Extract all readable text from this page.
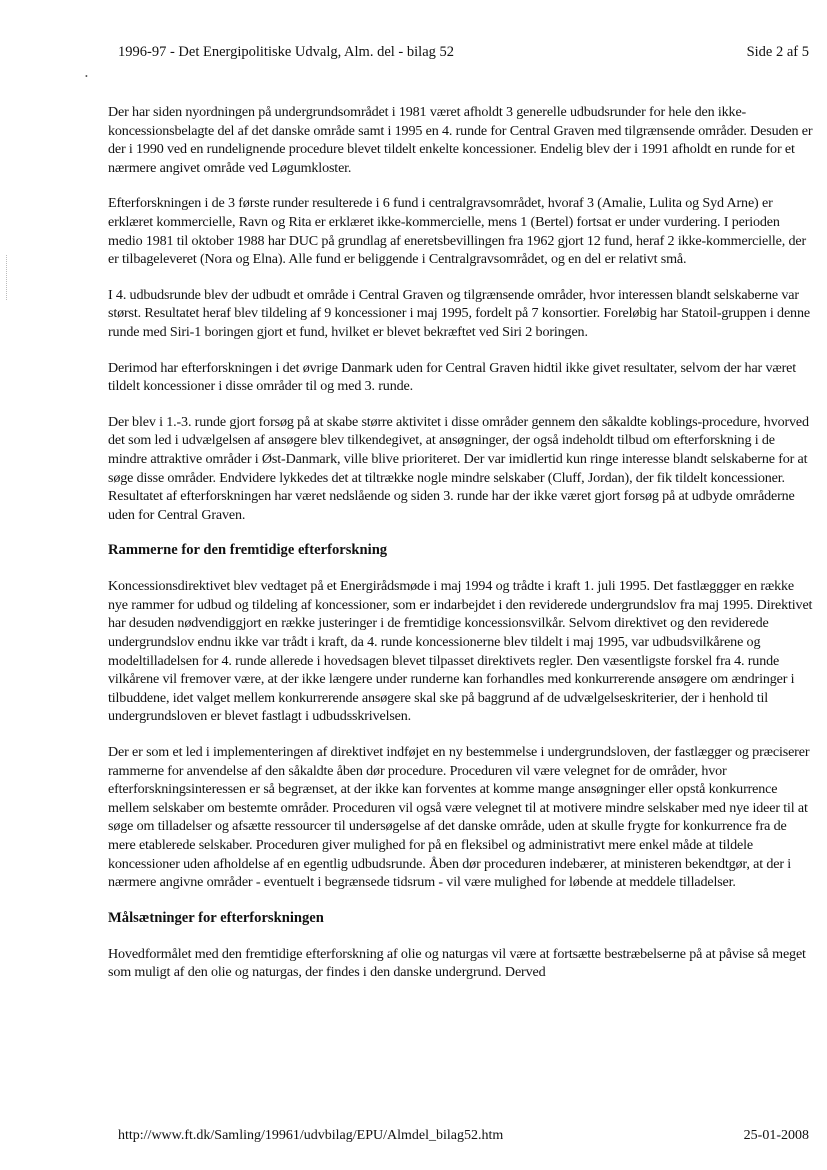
1996-97 - Det Energipolitiske Udvalg, Alm. del - bilag 52	Side 2 af 5
•

Der har siden nyordningen på undergrundsområdet i 1981 været afholdt 3 generelle udbudsrunder for hele den ikke-koncessionsbelagte del af det danske område samt i 1995 en 4. runde for Central Graven med tilgrænsende områder. Desuden er der i 1990 ved en rundelignende procedure blevet tildelt enkelte koncessioner. Endelig blev der i 1991 afholdt en runde for et nærmere angivet område ved Løgumkloster.

Efterforskningen i de 3 første runder resulterede i 6 fund i centralgravsområdet, hvoraf 3 (Amalie, Lulita og Syd Arne) er erklæret kommercielle, Ravn og Rita er erklæret ikke-kommercielle, mens 1 (Bertel) fortsat er under vurdering. I perioden medio 1981 til oktober 1988 har DUC på grundlag af eneretsbevillingen fra 1962 gjort 12 fund, heraf 2 ikke-kommercielle, der er tilbageleveret (Nora og Elna). Alle fund er beliggende i Centralgravsområdet, og en del er relativt små.

I 4. udbudsrunde blev der udbudt et område i Central Graven og tilgrænsende områder, hvor interessen blandt selskaberne var størst. Resultatet heraf blev tildeling af 9 koncessioner i maj 1995, fordelt på 7 konsortier. Foreløbig har Statoil-gruppen i denne runde med Siri-1 boringen gjort et fund, hvilket er blevet bekræftet ved Siri 2 boringen.

Derimod har efterforskningen i det øvrige Danmark uden for Central Graven hidtil ikke givet resultater, selvom der har været tildelt koncessioner i disse områder til og med 3. runde.

Der blev i 1.-3. runde gjort forsøg på at skabe større aktivitet i disse områder gennem den såkaldte koblings-procedure, hvorved det som led i udvælgelsen af ansøgere blev tilkendegivet, at ansøgninger, der også indeholdt tilbud om efterforskning i de mindre attraktive områder i Øst-Danmark, ville blive prioriteret. Der var imidlertid kun ringe interesse blandt selskaberne for at søge disse områder. Endvidere lykkedes det at tiltrække nogle mindre selskaber (Cluff, Jordan), der fik tildelt koncessioner. Resultatet af efterforskningen har været nedslående og siden 3. runde har der ikke været gjort forsøg på at udbyde områderne uden for Central Graven.

Rammerne for den fremtidige efterforskning

Koncessionsdirektivet blev vedtaget på et Energirådsmøde i maj 1994 og trådte i kraft 1. juli 1995. Det fastlæggger en række nye rammer for udbud og tildeling af koncessioner, som er indarbejdet i den reviderede undergrundslov fra maj 1995. Direktivet har desuden nødvendiggjort en række justeringer i de fremtidige koncessionsvilkår. Selvom direktivet og den reviderede undergrundslov endnu ikke var trådt i kraft, da 4. runde koncessionerne blev tildelt i maj 1995, var udbudsvilkårene og modeltilladelsen for 4. runde allerede i hovedsagen blevet tilpasset direktivets regler. Den væsentligste forskel fra 4. runde vilkårene vil fremover være, at der ikke længere under runderne kan forhandles med konkurrerende ansøgere om ændringer i tilbuddene, idet valget mellem konkurrerende ansøgere skal ske på baggrund af de udvælgelseskriterier, der i henhold til undergrundsloven er blevet fastlagt i udbudsskrivelsen.

Der er som et led i implementeringen af direktivet indføjet en ny bestemmelse i undergrundsloven, der fastlægger og præciserer rammerne for anvendelse af den såkaldte åben dør procedure. Proceduren vil være velegnet for de områder, hvor efterforskningsinteressen er så begrænset, at der ikke kan forventes at komme mange ansøgninger eller opstå konkurrence mellem selskaber om bestemte områder. Proceduren vil også være velegnet til at motivere mindre selskaber med nye ideer til at søge om tilladelser og afsætte ressourcer til undersøgelse af det danske område, uden at skulle frygte for konkurrence fra de mere etablerede selskaber. Proceduren giver mulighed for på en fleksibel og administrativt mere enkel måde at tildele koncessioner uden afholdelse af en egentlig udbudsrunde. Åben dør proceduren indebærer, at ministeren bekendtgør, at der i nærmere angivne områder - eventuelt i begrænsede tidsrum - vil være mulighed for løbende at meddele tilladelser.

Målsætninger for efterforskningen

Hovedformålet med den fremtidige efterforskning af olie og naturgas vil være at fortsætte bestræbelserne på at påvise så meget som muligt af den olie og naturgas, der findes i den danske undergrund. Derved

http://www.ft.dk/Samling/19961/udvbilag/EPU/Almdel_bilag52.htm	25-01-2008
